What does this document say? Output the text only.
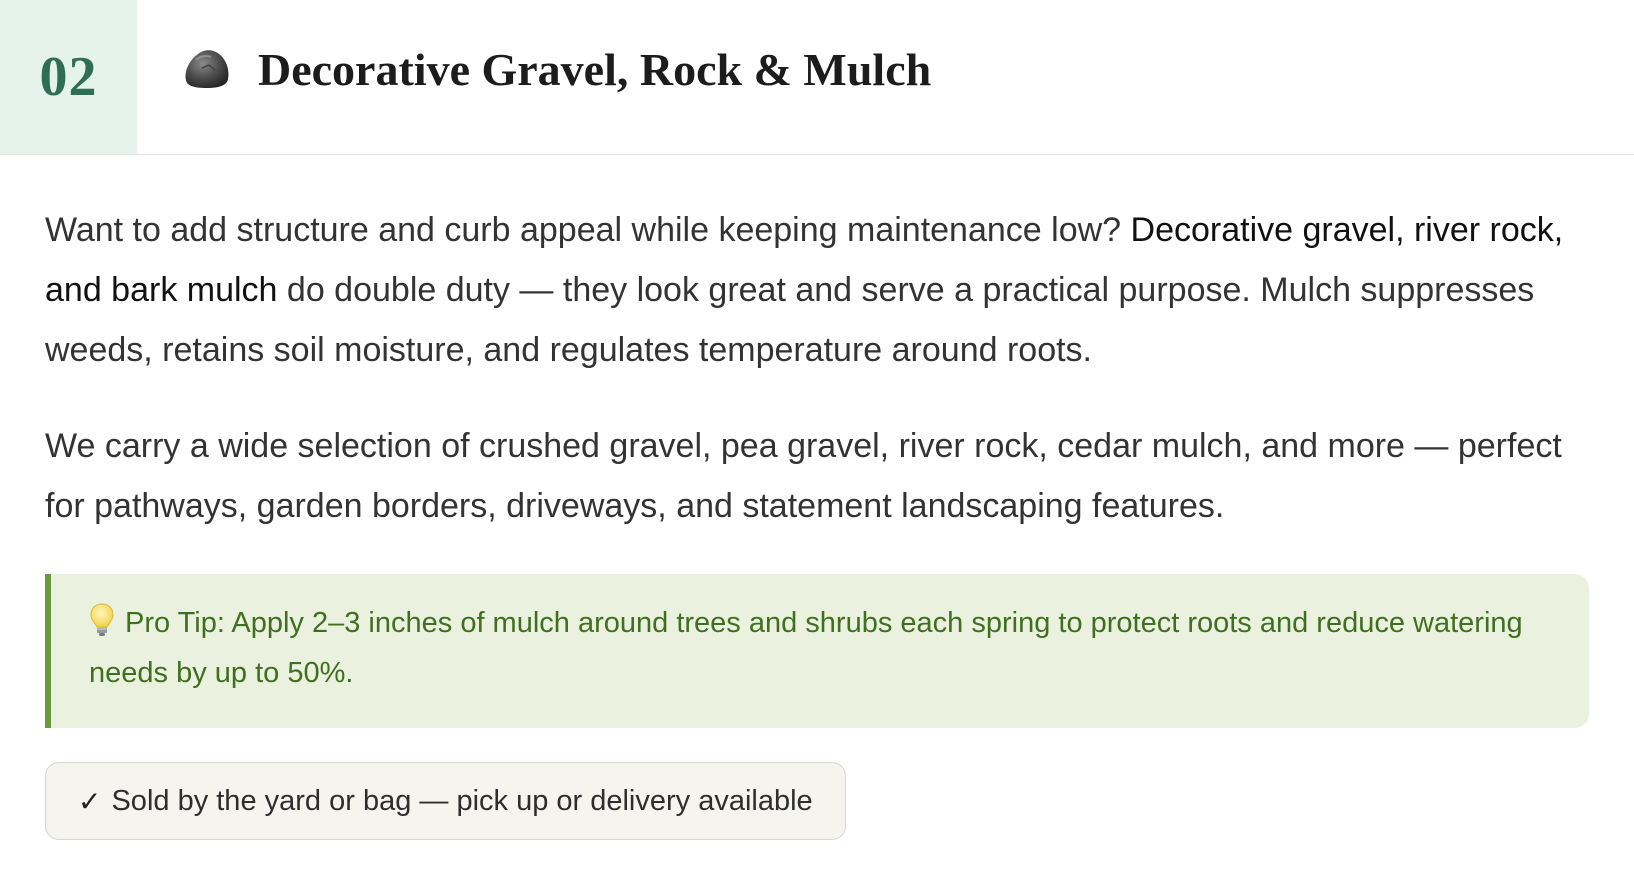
02	Decorative Gravel, Rock & Mulch

Want to add structure and curb appeal while keeping maintenance low? Decorative gravel, river rock, and bark mulch do double duty — they look great and serve a practical purpose. Mulch suppresses weeds, retains soil moisture, and regulates temperature around roots.

We carry a wide selection of crushed gravel, pea gravel, river rock, cedar mulch, and more — perfect for pathways, garden borders, driveways, and statement landscaping features.

Pro Tip: Apply 2–3 inches of mulch around trees and shrubs each spring to protect roots and reduce watering needs by up to 50%.
✓ Sold by the yard or bag — pick up or delivery available
